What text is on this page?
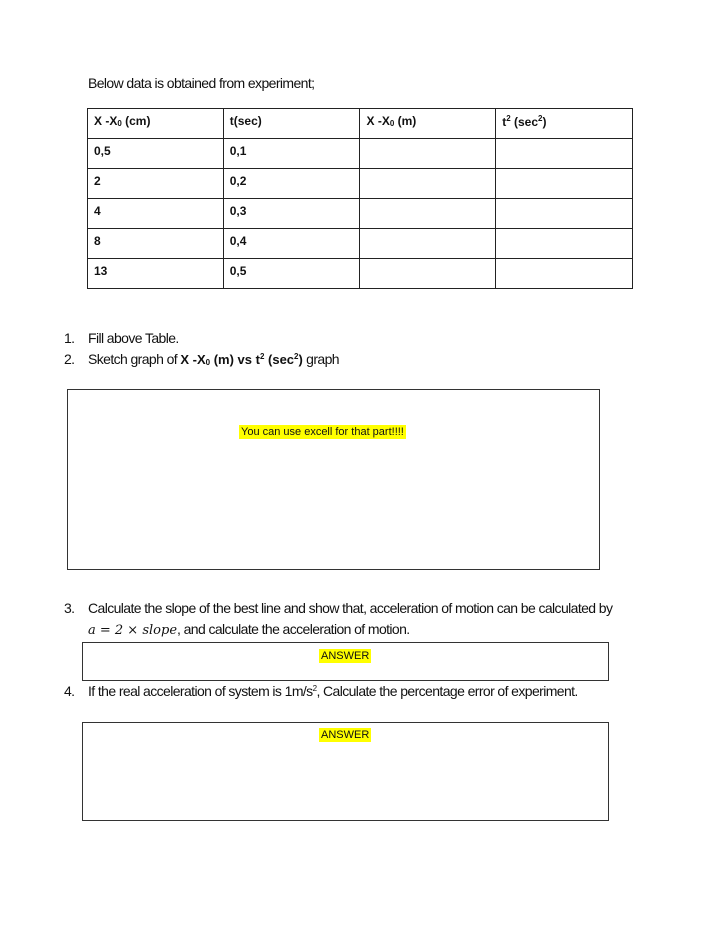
Below data is obtained from experiment;
X $-X_0$ (cm)	t(sec)	X $-X_0$ (m)	$t^2$ $(\sec^2)$
0,5	0,1		
2	0,2		
4	0,3		
8	0,4		
13	0,5		
1. Fill above Table.
2. Sketch graph of X $-X_0$ (m) vs $t^2$ $(\sec^2)$ graph
You can use excell for that part!!!!
3. Calculate the slope of the best line and show that, acceleration of motion can be calculated by
a = 2 × slope, and calculate the acceleration of motion.
ANSWER
4. If the real acceleration of system is $1m/s^2$, Calculate the percentage error of experiment.
ANSWER
